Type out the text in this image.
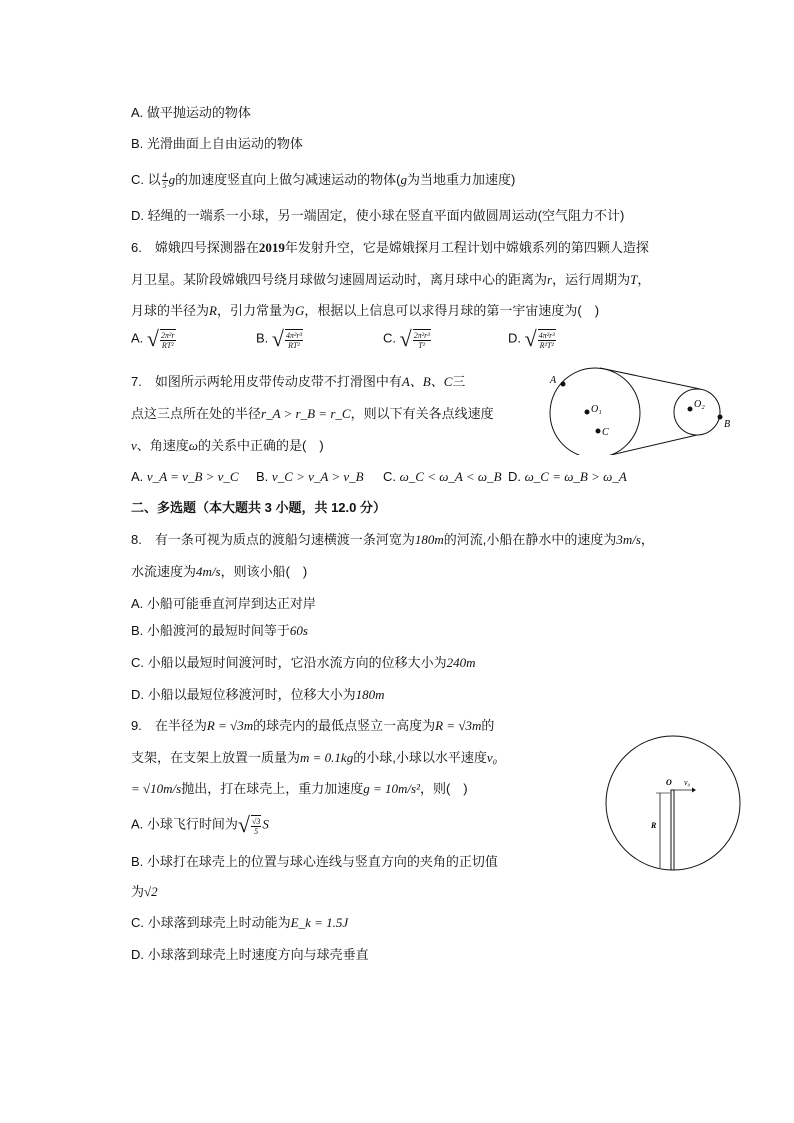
A. 做平抛运动的物体
B. 光滑曲面上自由运动的物体
C. 以 $\frac{4}{5}$ g的加速度竖直向上做匀减速运动的物体(g为当地重力加速度)
D. 轻绳的一端系一小球，另一端固定，使小球在竖直平面内做圆周运动(空气阻力不计)
6.　嫦娥四号探测器在2019年发射升空，它是嫦娥探月工程计划中嫦娥系列的第四颗人造探
月卫星。某阶段嫦娥四号绕月球做匀速圆周运动时，离月球中心的距离为r，运行周期为T，
月球的半径为R，引力常量为G，根据以上信息可以求得月球的第一宇宙速度为(　)
A. √ $\frac{\text{2π²r}}{\text{RT²}}$	B. √ $\frac{\text{4π²r³}}{\text{RT²}}$	C. √ $\frac{\text{2π²r³}}{\text{T²}}$	D. √ $\frac{\text{4π²r³}}{\text{R²T²}}$
7.　如图所示两轮用皮带传动皮带不打滑图中有A、B、C三
点这三点所在处的半径r_A > r_B = r_C，则以下有关各点线速度
v、角速度ω的关系中正确的是(　)
A. v_A = v_B > v_C B. v_C > v_A > v_B C. ω_C < ω_A < ω_B D. ω_C = ω_B > ω_A
A
O₁
C
O₂
B
二、多选题（本大题共 3 小题，共 12.0 分）
8.　有一条可视为质点的渡船匀速横渡一条河宽为180m的河流,小船在静水中的速度为3m/s，
水流速度为4m/s，则该小船(　)
A. 小船可能垂直河岸到达正对岸
B. 小船渡河的最短时间等于60s
C. 小船以最短时间渡河时，它沿水流方向的位移大小为240m
D. 小船以最短位移渡河时，位移大小为180m
9.　在半径为R = √3m的球壳内的最低点竖立一高度为R = √3m的
支架，在支架上放置一质量为m = 0.1kg的小球,小球以水平速度v₀
= √10m/s抛出，打在球壳上，重力加速度g = 10m/s²，则(　)
A. 小球飞行时间为 √ $\frac{√3}{5}$ S
B. 小球打在球壳上的位置与球心连线与竖直方向的夹角的正切值
为√2
C. 小球落到球壳上时动能为E_k = 1.5J
D. 小球落到球壳上时速度方向与球壳垂直
O v₀
R
